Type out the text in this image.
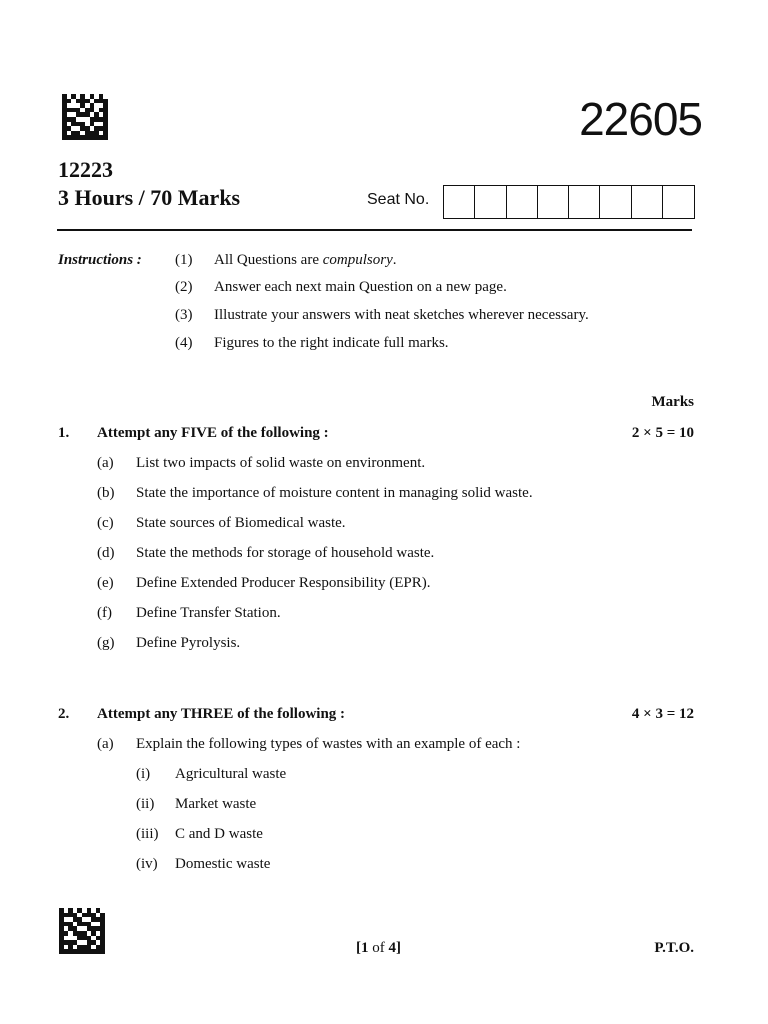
22605
12223
3 Hours / 70 Marks	Seat No.
Instructions : (1) All Questions are compulsory.
(2) Answer each next main Question on a new page.
(3) Illustrate your answers with neat sketches wherever necessary.
(4) Figures to the right indicate full marks.
Marks
1. Attempt any FIVE of the following :	2 × 5 = 10
(a) List two impacts of solid waste on environment.
(b) State the importance of moisture content in managing solid waste.
(c) State sources of Biomedical waste.
(d) State the methods for storage of household waste.
(e) Define Extended Producer Responsibility (EPR).
(f) Define Transfer Station.
(g) Define Pyrolysis.
2. Attempt any THREE of the following :	4 × 3 = 12
(a) Explain the following types of wastes with an example of each :
(i) Agricultural waste
(ii) Market waste
(iii) C and D waste
(iv) Domestic waste
[1 of 4]	P.T.O.
